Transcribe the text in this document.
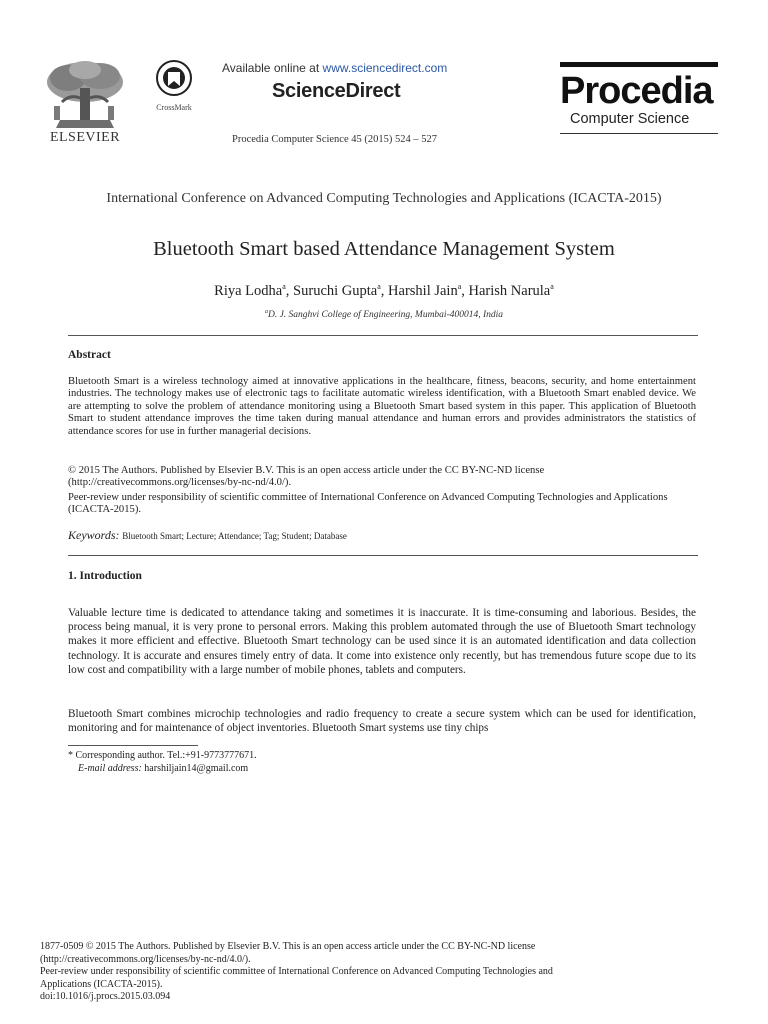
ELSEVIER
CrossMark
Available online at www.sciencedirect.com
ScienceDirect
Procedia Computer Science 45 (2015) 524 – 527
Procedia
Computer Science
International Conference on Advanced Computing Technologies and Applications (ICACTA-2015)
Bluetooth Smart based Attendance Management System
Riya Lodha$^a$, Suruchi Gupta$^a$, Harshil Jain$^a$, Harish Narula$^a$
$^a$D. J. Sanghvi College of Engineering, Mumbai-400014, India
Abstract
Bluetooth Smart is a wireless technology aimed at innovative applications in the healthcare, fitness, beacons, security, and home entertainment industries. The technology makes use of electronic tags to facilitate automatic wireless identification, with a Bluetooth Smart enabled device. We are attempting to solve the problem of attendance monitoring using a Bluetooth Smart based system in this paper. This application of Bluetooth Smart to student attendance improves the time taken during manual attendance and human errors and provides administrators the statistics of attendance scores for use in further managerial decisions.
© 2015 The Authors. Published by Elsevier B.V. This is an open access article under the CC BY-NC-ND license
(http://creativecommons.org/licenses/by-nc-nd/4.0/).
Peer-review under responsibility of scientific committee of International Conference on Advanced Computing Technologies and Applications (ICACTA-2015).
Keywords: Bluetooth Smart; Lecture; Attendance; Tag; Student; Database
1. Introduction
Valuable lecture time is dedicated to attendance taking and sometimes it is inaccurate. It is time-consuming and laborious. Besides, the process being manual, it is very prone to personal errors. Making this problem automated through the use of Bluetooth Smart technology makes it more efficient and effective. Bluetooth Smart technology can be used since it is an automated identification and data collection technology. It is accurate and ensures timely entry of data. It come into existence only recently, but has tremendous future scope due to its low cost and compatibility with a large number of mobile phones, tablets and computers.
Bluetooth Smart combines microchip technologies and radio frequency to create a secure system which can be used for identification, monitoring and for maintenance of object inventories. Bluetooth Smart systems use tiny chips
* Corresponding author. Tel.:+91-9773777671.
E-mail address: harshiljain14@gmail.com
1877-0509 © 2015 The Authors. Published by Elsevier B.V. This is an open access article under the CC BY-NC-ND license
(http://creativecommons.org/licenses/by-nc-nd/4.0/).
Peer-review under responsibility of scientific committee of International Conference on Advanced Computing Technologies and
Applications (ICACTA-2015).
doi:10.1016/j.procs.2015.03.094
